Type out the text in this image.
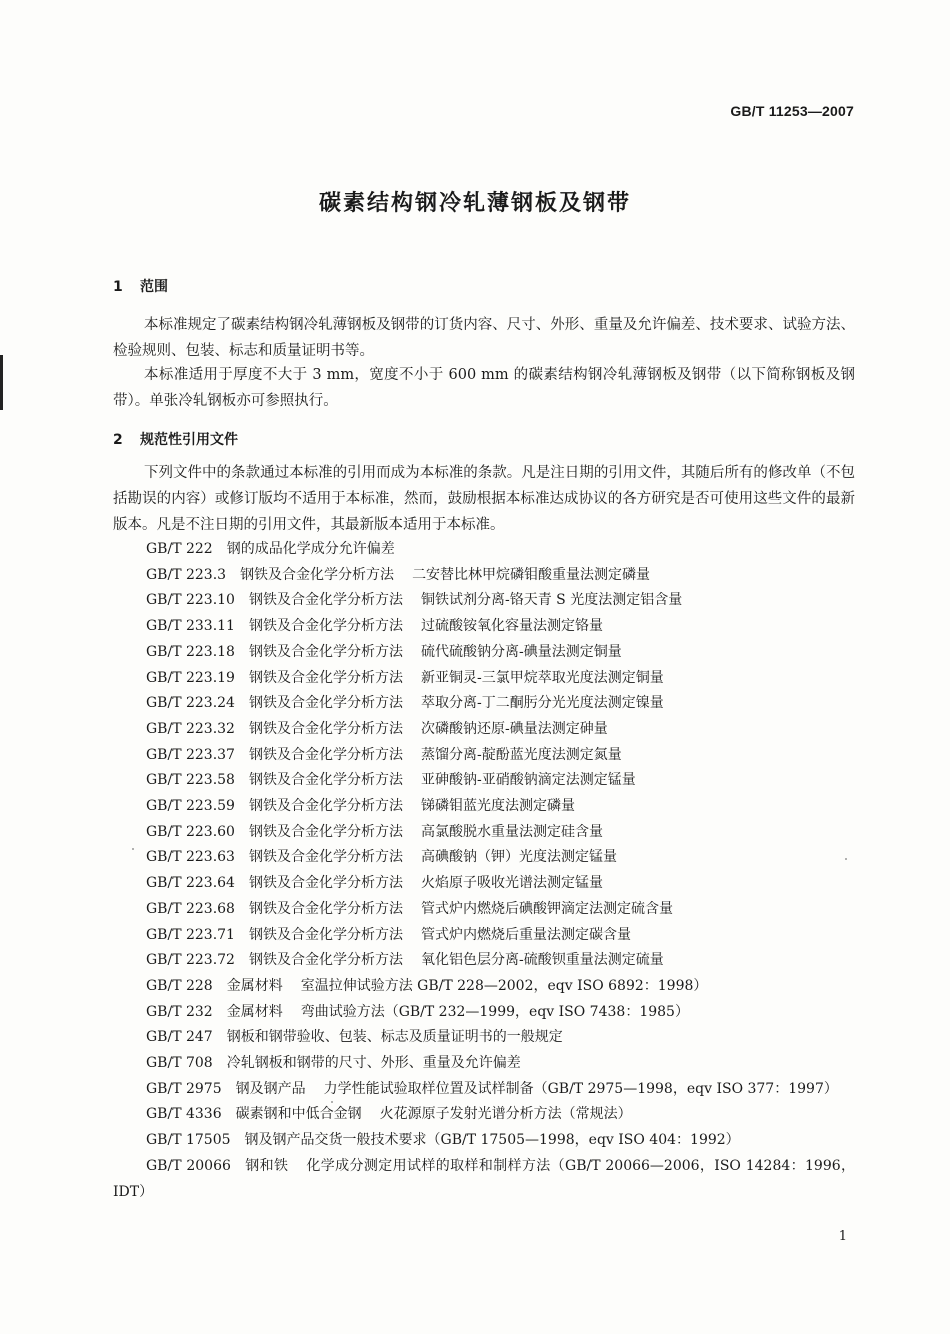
GB/T 11253—2007
碳素结构钢冷轧薄钢板及钢带
1 范围
本标准规定了碳素结构钢冷轧薄钢板及钢带的订货内容、尺寸、外形、重量及允许偏差、技术要求、试验方法、检验规则、包装、标志和质量证明书等。
本标准适用于厚度不大于 3 mm，宽度不小于 600 mm 的碳素结构钢冷轧薄钢板及钢带（以下简称钢板及钢带）。单张冷轧钢板亦可参照执行。
2 规范性引用文件
下列文件中的条款通过本标准的引用而成为本标准的条款。凡是注日期的引用文件，其随后所有的修改单（不包括勘误的内容）或修订版均不适用于本标准，然而，鼓励根据本标准达成协议的各方研究是否可使用这些文件的最新版本。凡是不注日期的引用文件，其最新版本适用于本标准。
GB/T 222 钢的成品化学成分允许偏差
GB/T 223.3 钢铁及合金化学分析方法 二安替比林甲烷磷钼酸重量法测定磷量
GB/T 223.10 钢铁及合金化学分析方法 铜铁试剂分离-铬天青 S 光度法测定铝含量
GB/T 233.11 钢铁及合金化学分析方法 过硫酸铵氧化容量法测定铬量
GB/T 223.18 钢铁及合金化学分析方法 硫代硫酸钠分离-碘量法测定铜量
GB/T 223.19 钢铁及合金化学分析方法 新亚铜灵-三氯甲烷萃取光度法测定铜量
GB/T 223.24 钢铁及合金化学分析方法 萃取分离-丁二酮肟分光光度法测定镍量
GB/T 223.32 钢铁及合金化学分析方法 次磷酸钠还原-碘量法测定砷量
GB/T 223.37 钢铁及合金化学分析方法 蒸馏分离-靛酚蓝光度法测定氮量
GB/T 223.58 钢铁及合金化学分析方法 亚砷酸钠-亚硝酸钠滴定法测定锰量
GB/T 223.59 钢铁及合金化学分析方法 锑磷钼蓝光度法测定磷量
GB/T 223.60 钢铁及合金化学分析方法 高氯酸脱水重量法测定硅含量
GB/T 223.63 钢铁及合金化学分析方法 高碘酸钠（钾）光度法测定锰量
GB/T 223.64 钢铁及合金化学分析方法 火焰原子吸收光谱法测定锰量
GB/T 223.68 钢铁及合金化学分析方法 管式炉内燃烧后碘酸钾滴定法测定硫含量
GB/T 223.71 钢铁及合金化学分析方法 管式炉内燃烧后重量法测定碳含量
GB/T 223.72 钢铁及合金化学分析方法 氧化铝色层分离-硫酸钡重量法测定硫量
GB/T 228 金属材料 室温拉伸试验方法 GB/T 228—2002，eqv ISO 6892：1998）
GB/T 232 金属材料 弯曲试验方法（GB/T 232—1999，eqv ISO 7438：1985）
GB/T 247 钢板和钢带验收、包装、标志及质量证明书的一般规定
GB/T 708 冷轧钢板和钢带的尺寸、外形、重量及允许偏差
GB/T 2975 钢及钢产品 力学性能试验取样位置及试样制备（GB/T 2975—1998，eqv ISO 377：1997）
GB/T 4336 碳素钢和中低合金钢 火花源原子发射光谱分析方法（常规法）
GB/T 17505 钢及钢产品交货一般技术要求（GB/T 17505—1998，eqv ISO 404：1992）
GB/T 20066 钢和铁 化学成分测定用试样的取样和制样方法（GB/T 20066—2006，ISO 14284：1996，IDT）
1
